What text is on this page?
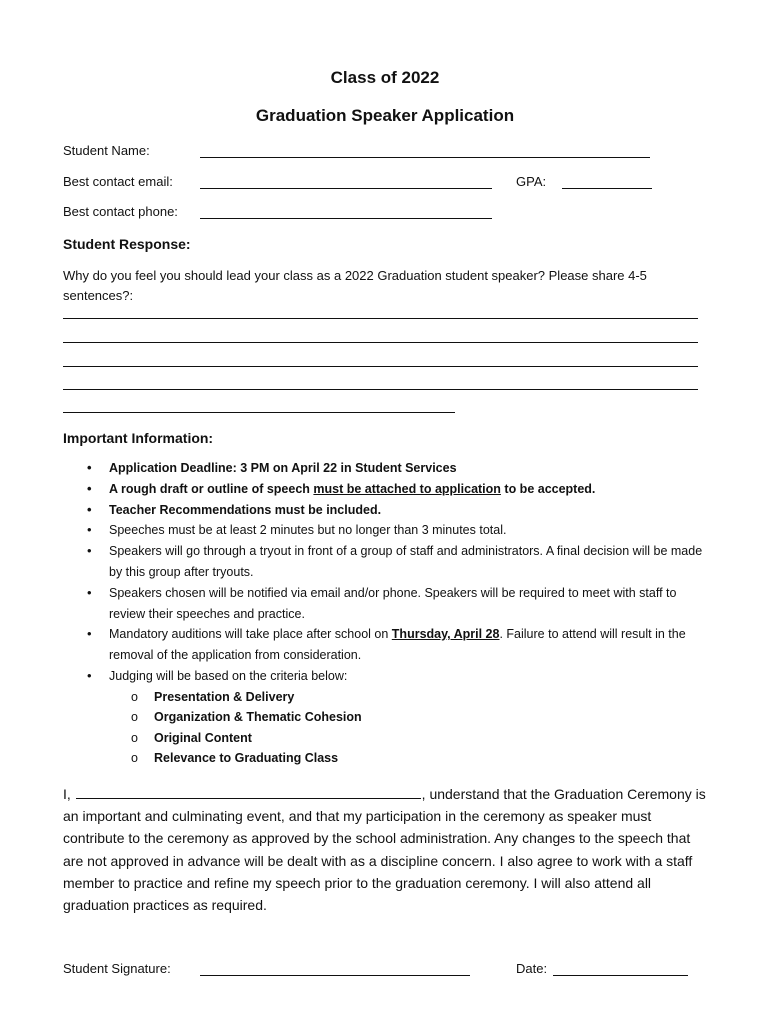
Class of 2022
Graduation Speaker Application
Student Name:
Best contact email:	GPA:
Best contact phone:
Student Response:
Why do you feel you should lead your class as a 2022 Graduation student speaker? Please share 4-5 sentences?:
Important Information:
• Application Deadline: 3 PM on April 22 in Student Services
• A rough draft or outline of speech must be attached to application to be accepted.
• Teacher Recommendations must be included.
• Speeches must be at least 2 minutes but no longer than 3 minutes total.
• Speakers will go through a tryout in front of a group of staff and administrators. A final decision will be made by this group after tryouts.
• Speakers chosen will be notified via email and/or phone. Speakers will be required to meet with staff to review their speeches and practice.
• Mandatory auditions will take place after school on Thursday, April 28. Failure to attend will result in the removal of the application from consideration.
• Judging will be based on the criteria below:
o Presentation & Delivery
o Organization & Thematic Cohesion
o Original Content
o Relevance to Graduating Class
I,	, understand that the Graduation Ceremony is an important and culminating event, and that my participation in the ceremony as speaker must contribute to the ceremony as approved by the school administration. Any changes to the speech that are not approved in advance will be dealt with as a discipline concern. I also agree to work with a staff member to practice and refine my speech prior to the graduation ceremony. I will also attend all graduation practices as required.
Student Signature:	Date:
